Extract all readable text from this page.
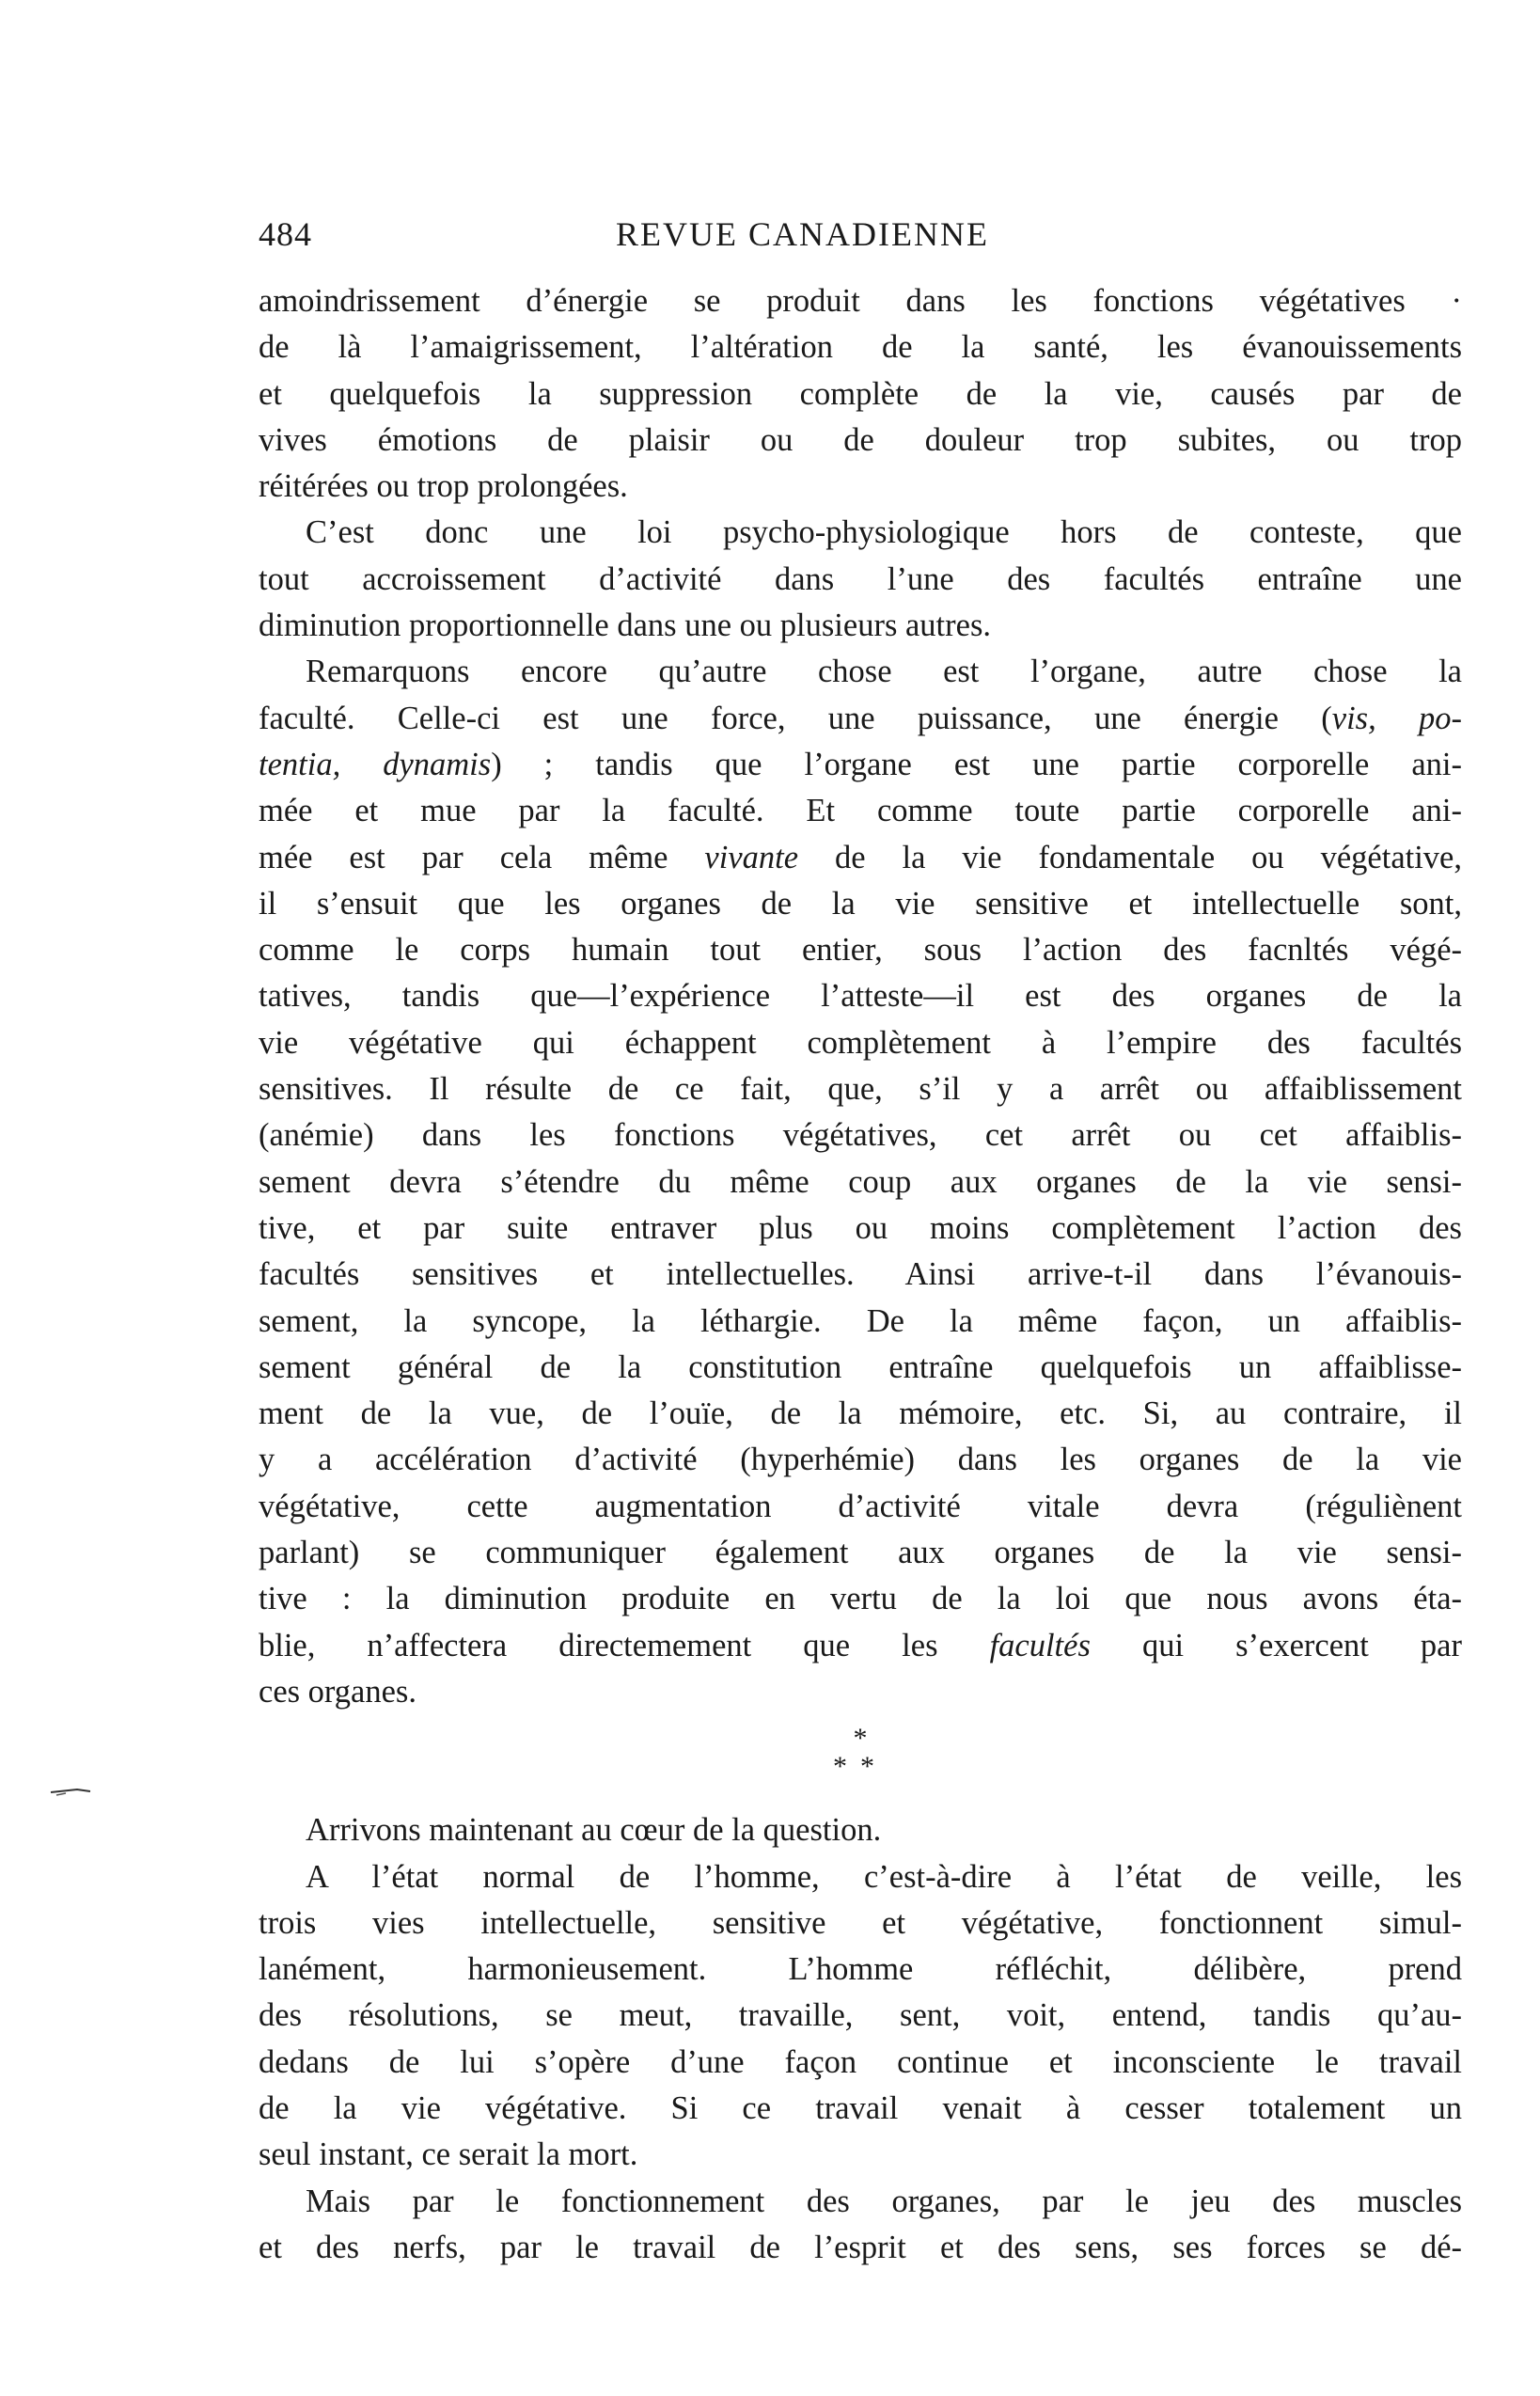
484	REVUE CANADIENNE
amoindrissement d’énergie se produit dans les fonctions végétatives ·
de là l’amaigrissement, l’altération de la santé, les évanouissements
et quelquefois la suppression complète de la vie, causés par de
vives émotions de plaisir ou de douleur trop subites, ou trop
réitérées ou trop prolongées.
C’est donc une loi psycho-physiologique hors de conteste, que
tout accroissement d’activité dans l’une des facultés entraîne une
diminution proportionnelle dans une ou plusieurs autres.
Remarquons encore qu’autre chose est l’organe, autre chose la
faculté. Celle-ci est une force, une puissance, une énergie (vis, po-
tentia, dynamis) ; tandis que l’organe est une partie corporelle ani-
mée et mue par la faculté. Et comme toute partie corporelle ani-
mée est par cela même vivante de la vie fondamentale ou végétative,
il s’ensuit que les organes de la vie sensitive et intellectuelle sont,
comme le corps humain tout entier, sous l’action des facnltés végé-
tatives, tandis que—l’expérience l’atteste—il est des organes de la
vie végétative qui échappent complètement à l’empire des facultés
sensitives. Il résulte de ce fait, que, s’il y a arrêt ou affaiblissement
(anémie) dans les fonctions végétatives, cet arrêt ou cet affaiblis-
sement devra s’étendre du même coup aux organes de la vie sensi-
tive, et par suite entraver plus ou moins complètement l’action des
facultés sensitives et intellectuelles. Ainsi arrive-t-il dans l’évanouis-
sement, la syncope, la léthargie. De la même façon, un affaiblis-
sement général de la constitution entraîne quelquefois un affaiblisse-
ment de la vue, de l’ouïe, de la mémoire, etc. Si, au contraire, il
y a accélération d’activité (hyperhémie) dans les organes de la vie
végétative, cette augmentation d’activité vitale devra (réguliènent
parlant) se communiquer également aux organes de la vie sensi-
tive : la diminution produite en vertu de la loi que nous avons éta-
blie, n’affectera directemement que les facultés qui s’exercent par
ces organes.
*
**
Arrivons maintenant au cœur de la question.
A l’état normal de l’homme, c’est-à-dire à l’état de veille, les
trois vies intellectuelle, sensitive et végétative, fonctionnent simul-
lanément, harmonieusement. L’homme réfléchit, délibère, prend
des résolutions, se meut, travaille, sent, voit, entend, tandis qu’au-
dedans de lui s’opère d’une façon continue et inconsciente le travail
de la vie végétative. Si ce travail venait à cesser totalement un
seul instant, ce serait la mort.
Mais par le fonctionnement des organes, par le jeu des muscles
et des nerfs, par le travail de l’esprit et des sens, ses forces se dé-
